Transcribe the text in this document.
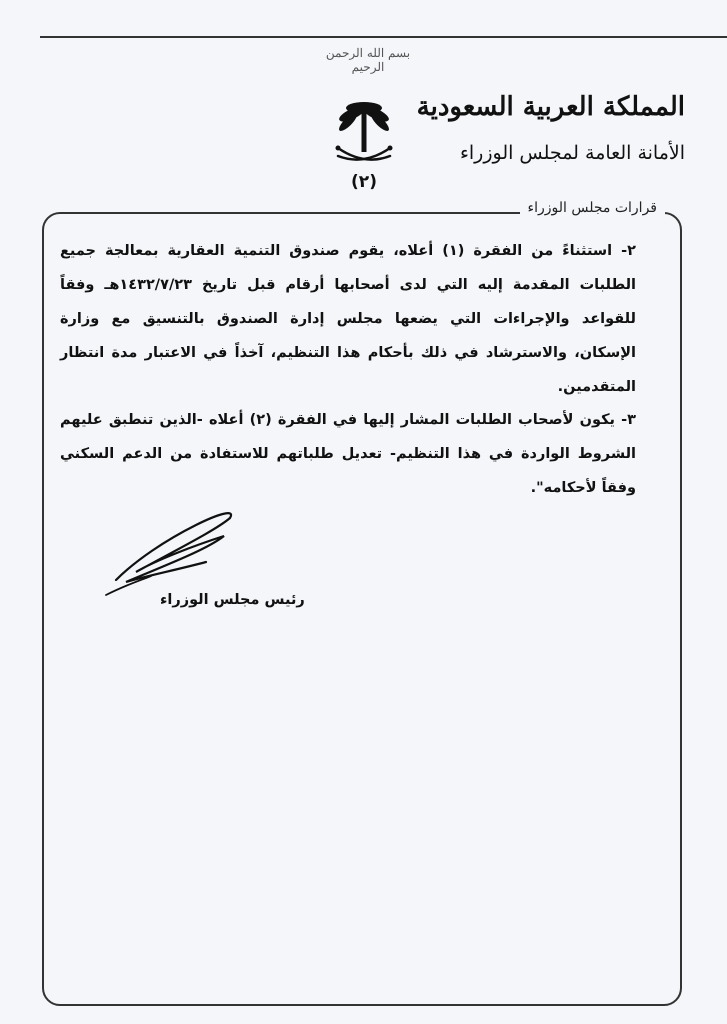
بسم الله الرحمن الرحيم
المملكة العربية السعودية
الأمانة العامة لمجلس الوزراء
(٢)
قرارات مجلس الوزراء
٢- استثناءً من الفقرة (١) أعلاه، يقوم صندوق التنمية العقارية بمعالجة جميع الطلبات المقدمة إليه التي لدى أصحابها أرقام قبل تاريخ ١٤٣٢/٧/٢٣هـ وفقاً للقواعد والإجراءات التي يضعها مجلس إدارة الصندوق بالتنسيق مع وزارة الإسكان، والاسترشاد في ذلك بأحكام هذا التنظيم، آخذاً في الاعتبار مدة انتظار المتقدمين.
٣- يكون لأصحاب الطلبات المشار إليها في الفقرة (٢) أعلاه -الذين تنطبق عليهم الشروط الواردة في هذا التنظيم- تعديل طلباتهم للاستفادة من الدعم السكني وفقاً لأحكامه".
رئيس مجلس الوزراء
